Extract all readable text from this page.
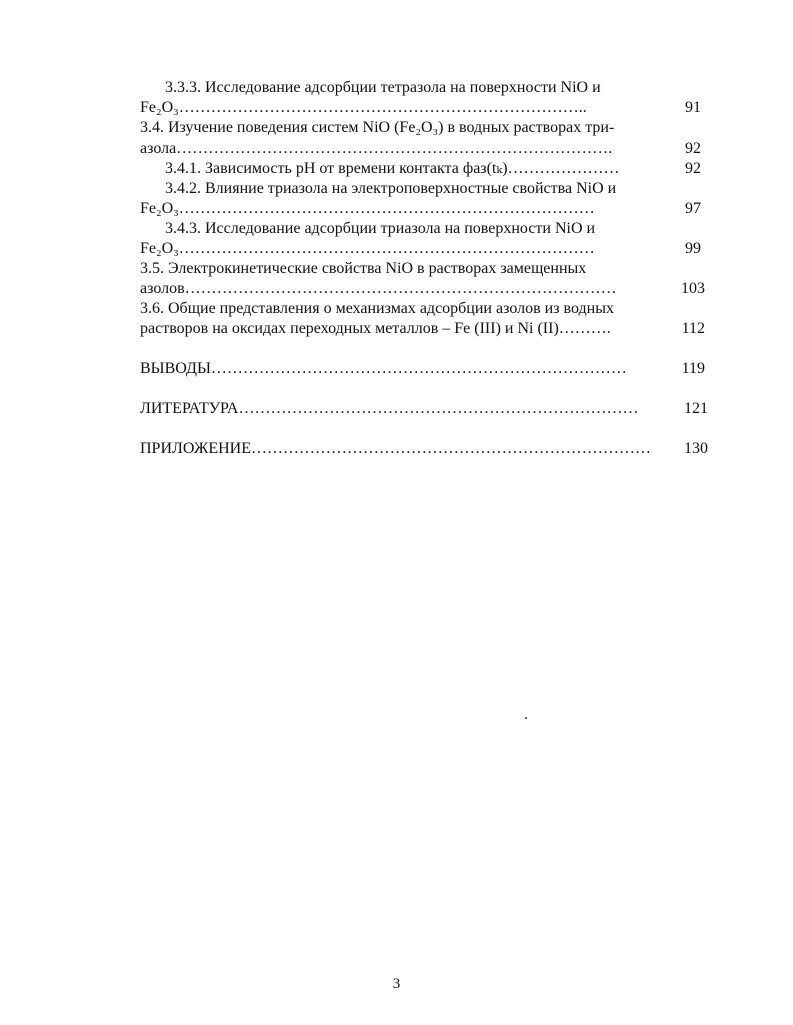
3.3.3. Исследование адсорбции тетразола на поверхности NiO и
Fe₂O₃…………………………………………………………………..	91
3.4. Изучение поведения систем NiO (Fe₂O₃) в водных растворах три-
азола……………………………………………………………………….	92
3.4.1. Зависимость pH от времени контакта фаз(tₖ)…………………	92
3.4.2. Влияние триазола на электроповерхностные свойства NiO и
Fe₂O₃……………………………………………………………………	97
3.4.3. Исследование адсорбции триазола на поверхности NiO и
Fe₂O₃……………………………………………………………………	99
3.5. Электрокинетические свойства NiO в растворах замещенных
азолов………………………………………………………………………	103
3.6. Общие представления о механизмах адсорбции азолов из водных
растворов на оксидах переходных металлов – Fe (III) и Ni (II)……….	112
ВЫВОДЫ……………………………………………………………………	119
ЛИТЕРАТУРА…………………………………………………………………	121
ПРИЛОЖЕНИЕ…………………………………………………………………	130
3
